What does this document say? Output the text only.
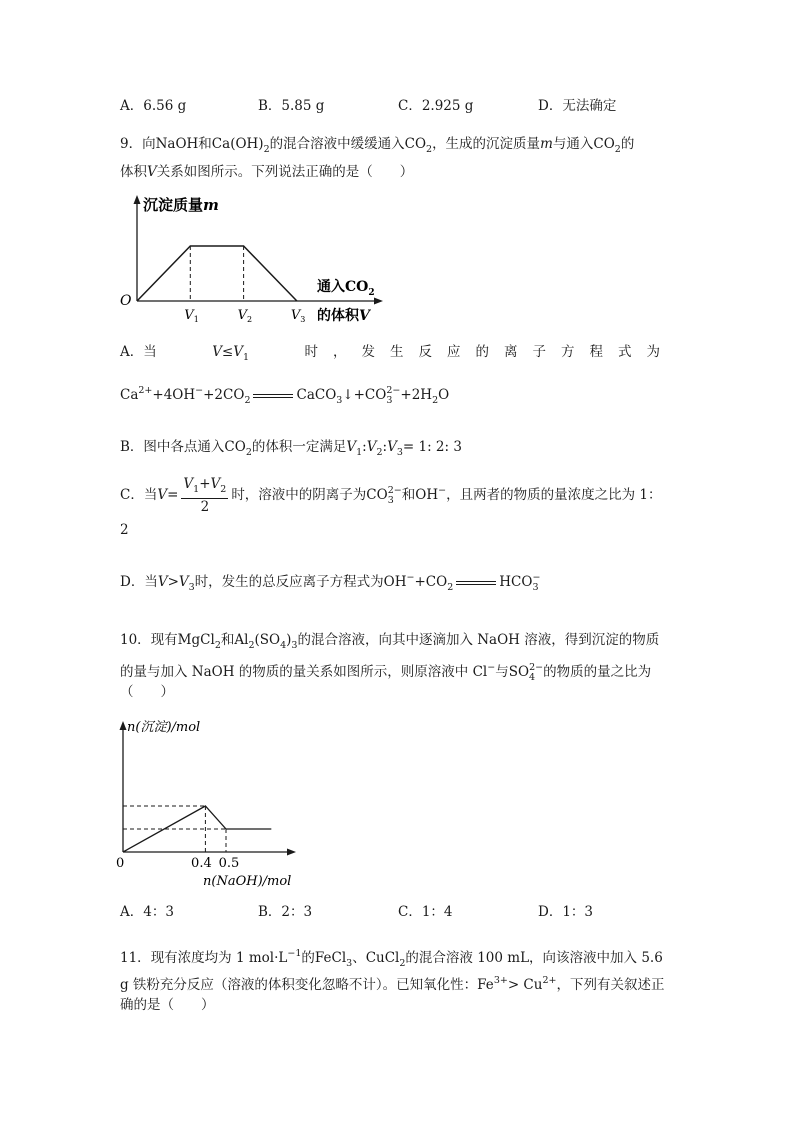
A．6.56 g	B．5.85 g	C．2.925 g	D．无法确定
9．向NaOH和$Ca(OH)_2$的混合溶液中缓缓通入$CO_2$，生成的沉淀质量m与通入$CO_2$的
体积V关系如图所示。下列说法正确的是（　　）
O
沉淀质量m
通入$CO_2$
的体积V
$V_1$	$V_2$	$V_3$
A．当	$V\le V_1$	时，发生反应的离子方程式为
$Ca^{2+}+4OH^-+2CO_2$	$CaCO_3↓+CO_3^{2-}+2H_2O$
B．图中各点通入$CO_2$的体积一定满足$V_1:V_2:V_3= 1$: 2: 3
C．当$V= \frac{V_1+V_2}{2}$ 时，溶液中的阴离子为$CO_3^{2-}$和OH−，且两者的物质的量浓度之比为 1：
2
D．当$V>V_3$时，发生的总反应离子方程式为$OH^-+CO_2$	$HCO_3^-$
10．现有MgCl$_2$和$Al_2(SO_4)_3$的混合溶液，向其中逐滴加入 NaOH 溶液，得到沉淀的物质
的量与加入 NaOH 的物质的量关系如图所示，则原溶液中 Cl−与$SO_4^{2-}$的物质的量之比为
（　　）
n(沉淀)/mol
0	0.4 0.5
n(NaOH)/mol
A．4：3	B．2：3	C．1：4	D．1：3
11．现有浓度均为 1 $mol\cdot L^{-1}$的FeCl$_3$、CuCl$_2$的混合溶液 100 mL，向该溶液中加入 5.6
g 铁粉充分反应（溶液的体积变化忽略不计）。已知氧化性：$Fe^{3+}> Cu^{2+}$，下列有关叙述正
确的是（　　）
